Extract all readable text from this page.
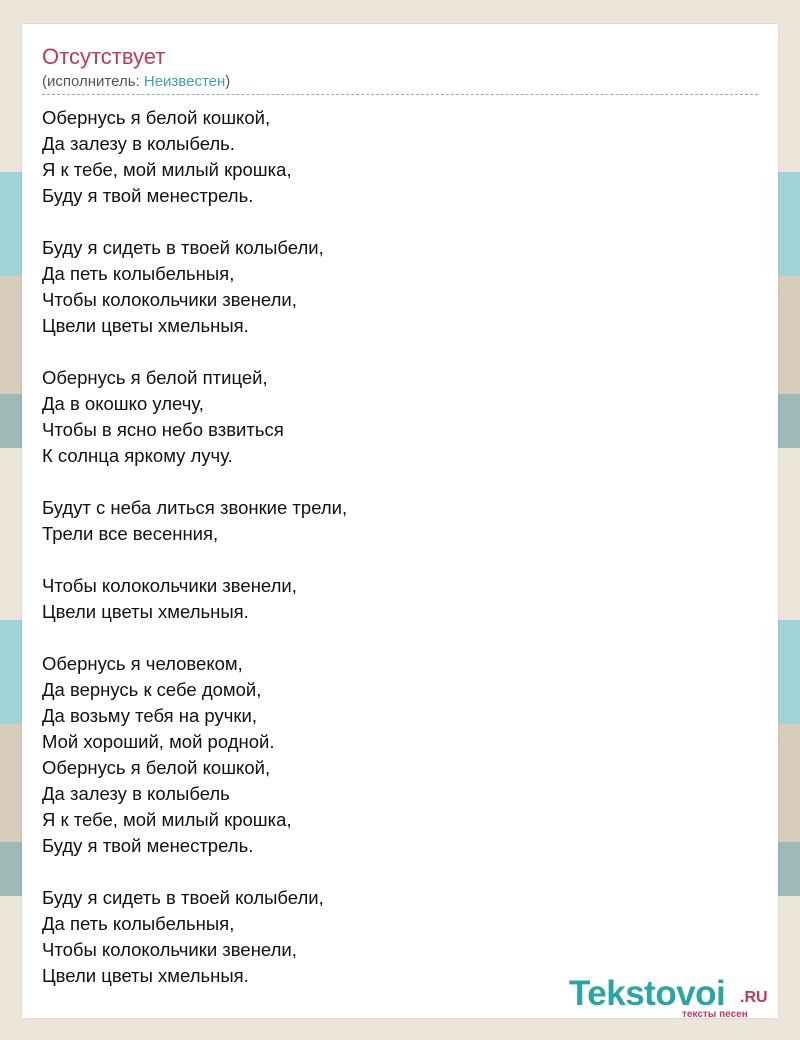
Отсутствует
(исполнитель: Неизвестен)
Обернусь я белой кошкой,
Да залезу в колыбель.
Я к тебе, мой милый крошка,
Буду я твой менестрель.
Буду я сидеть в твоей колыбели,
Да петь колыбельныя,
Чтобы колокольчики звенели,
Цвели цветы хмельныя.
Обернусь я белой птицей,
Да в окошко улечу,
Чтобы в ясно небо взвиться
К солнца яркому лучу.
Будут с неба литься звонкие трели,
Трели все весенния,
Чтобы колокольчики звенели,
Цвели цветы хмельныя.
Обернусь я человеком,
Да вернусь к себе домой,
Да возьму тебя на ручки,
Мой хороший, мой родной.
Обернусь я белой кошкой,
Да залезу в колыбель
Я к тебе, мой милый крошка,
Буду я твой менестрель.
Буду я сидеть в твоей колыбели,
Да петь колыбельныя,
Чтобы колокольчики звенели,
Цвели цветы хмельныя.	Tekstovoi .RU
тексты песен
